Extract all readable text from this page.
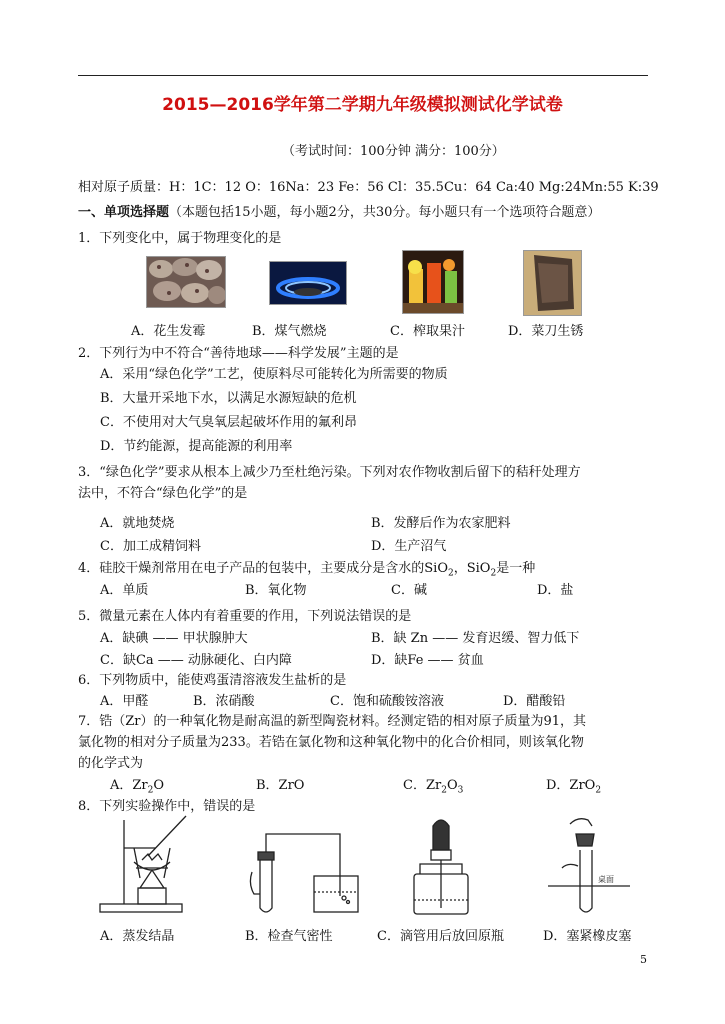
2015—2016学年第二学期九年级模拟测试化学试卷
（考试时间：100分钟 满分：100分）
相对原子质量：H：1C：12 O：16Na：23 Fe：56 Cl：35.5Cu：64 Ca:40 Mg:24Mn:55 K:39
一、单项选择题（本题包括15小题，每小题2分，共30分。每小题只有一个选项符合题意）
1．下列变化中，属于物理变化的是
A．花生发霉	B．煤气燃烧	C．榨取果汁	D．菜刀生锈
2．下列行为中不符合“善待地球——科学发展”主题的是
A．采用“绿色化学”工艺，使原料尽可能转化为所需要的物质
B．大量开采地下水，以满足水源短缺的危机
C．不使用对大气臭氧层起破坏作用的氟利昂
D．节约能源，提高能源的利用率
3．“绿色化学”要求从根本上减少乃至杜绝污染。下列对农作物收割后留下的秸秆处理方
法中，不符合“绿色化学”的是
A．就地焚烧	B．发酵后作为农家肥料
C．加工成精饲料	D．生产沼气
4．硅胶干燥剂常用在电子产品的包装中，主要成分是含水的SiO$_2$，SiO$_2$是一种
A．单质	B．氧化物	C．碱	D．盐
5．微量元素在人体内有着重要的作用，下列说法错误的是
A．缺碘 —— 甲状腺肿大	B．缺 Zn —— 发育迟缓、智力低下
C．缺Ca —— 动脉硬化、白内障	D．缺Fe —— 贫血
6．下列物质中，能使鸡蛋清溶液发生盐析的是
A．甲醛	B．浓硝酸	C．饱和硫酸铵溶液	D．醋酸铅
7．锆（Zr）的一种氧化物是耐高温的新型陶瓷材料。经测定锆的相对原子质量为91，其
氯化物的相对分子质量为233。若锆在氯化物和这种氧化物中的化合价相同，则该氧化物
的化学式为
A．$Zr_2O$	B．ZrO	C．$Zr_2O_3$	D．ZrO$_2$
8．下列实验操作中，错误的是
桌面
A．蒸发结晶	B．检查气密性	C．滴管用后放回原瓶	D．塞紧橡皮塞
5
